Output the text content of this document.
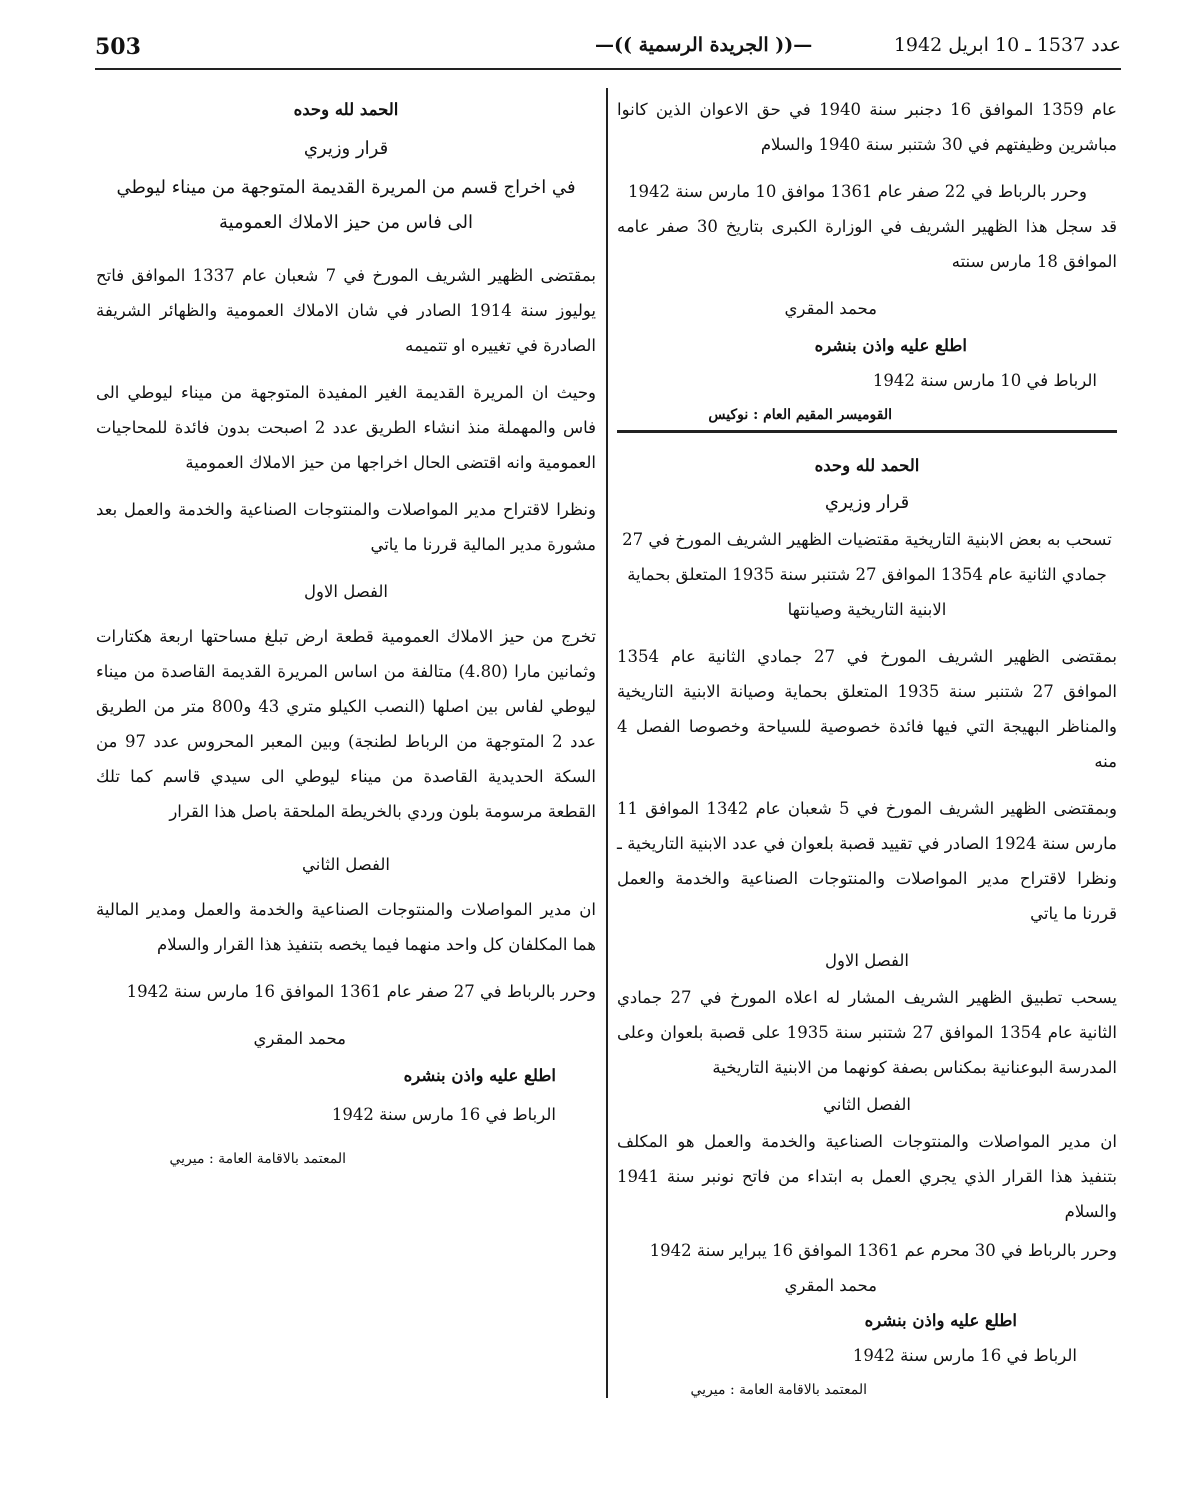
503	—(( الجريدة الرسمية ))—	عدد 1537 ـ 10 ابريل 1942

عام 1359 الموافق 16 دجنبر سنة 1940 في حق الاعوان الذين كانوا مباشرين وظيفتهم في 30 شتنبر سنة 1940 والسلام

وحرر بالرباط في 22 صفر عام 1361 موافق 10 مارس سنة 1942

قد سجل هذا الظهير الشريف في الوزارة الكبرى بتاريخ 30 صفر عامه الموافق 18 مارس سنته

محمد المقري

اطلع عليه واذن بنشره

الرباط في 10 مارس سنة 1942

القوميسر المقيم العام : نوكيس

الحمد لله وحده

قرار وزيري

تسحب به بعض الابنية التاريخية مقتضيات الظهير الشريف المورخ في 27 جمادي الثانية عام 1354 الموافق 27 شتنبر سنة 1935 المتعلق بحماية الابنية التاريخية وصيانتها

بمقتضى الظهير الشريف المورخ في 27 جمادي الثانية عام 1354 الموافق 27 شتنبر سنة 1935 المتعلق بحماية وصيانة الابنية التاريخية والمناظر البهيجة التي فيها فائدة خصوصية للسياحة وخصوصا الفصل 4 منه

وبمقتضى الظهير الشريف المورخ في 5 شعبان عام 1342 الموافق 11 مارس سنة 1924 الصادر في تقييد قصبة بلعوان في عدد الابنية التاريخية ـ ونظرا لاقتراح مدير المواصلات والمنتوجات الصناعية والخدمة والعمل قررنا ما ياتي

الفصل الاول

يسحب تطبيق الظهير الشريف المشار له اعلاه المورخ في 27 جمادي الثانية عام 1354 الموافق 27 شتنبر سنة 1935 على قصبة بلعوان وعلى المدرسة البوعنانية بمكناس بصفة كونهما من الابنية التاريخية

الفصل الثاني

ان مدير المواصلات والمنتوجات الصناعية والخدمة والعمل هو المكلف بتنفيذ هذا القرار الذي يجري العمل به ابتداء من فاتح نونبر سنة 1941 والسلام

وحرر بالرباط في 30 محرم عم 1361 الموافق 16 يبراير سنة 1942

محمد المقري

اطلع عليه واذن بنشره

الرباط في 16 مارس سنة 1942

المعتمد بالاقامة العامة : ميريي

الحمد لله وحده

قرار وزيري

في اخراج قسم من المريرة القديمة المتوجهة من ميناء ليوطي الى فاس من حيز الاملاك العمومية

بمقتضى الظهير الشريف المورخ في 7 شعبان عام 1337 الموافق فاتح يوليوز سنة 1914 الصادر في شان الاملاك العمومية والظهائر الشريفة الصادرة في تغييره او تتميمه

وحيث ان المريرة القديمة الغير المفيدة المتوجهة من ميناء ليوطي الى فاس والمهملة منذ انشاء الطريق عدد 2 اصبحت بدون فائدة للمحاجيات العمومية وانه اقتضى الحال اخراجها من حيز الاملاك العمومية

ونظرا لاقتراح مدير المواصلات والمنتوجات الصناعية والخدمة والعمل بعد مشورة مدير المالية قررنا ما ياتي

الفصل الاول

تخرج من حيز الاملاك العمومية قطعة ارض تبلغ مساحتها اربعة هكتارات وثمانين مارا (4.80) متالفة من اساس المريرة القديمة القاصدة من ميناء ليوطي لفاس بين اصلها (النصب الكيلو متري 43 و800 متر من الطريق عدد 2 المتوجهة من الرباط لطنجة) وبين المعبر المحروس عدد 97 من السكة الحديدية القاصدة من ميناء ليوطي الى سيدي قاسم كما تلك القطعة مرسومة بلون وردي بالخريطة الملحقة باصل هذا القرار

الفصل الثاني

ان مدير المواصلات والمنتوجات الصناعية والخدمة والعمل ومدير المالية هما المكلفان كل واحد منهما فيما يخصه بتنفيذ هذا القرار والسلام

وحرر بالرباط في 27 صفر عام 1361 الموافق 16 مارس سنة 1942

محمد المقري

اطلع عليه واذن بنشره

الرباط في 16 مارس سنة 1942

المعتمد بالاقامة العامة : ميريي
